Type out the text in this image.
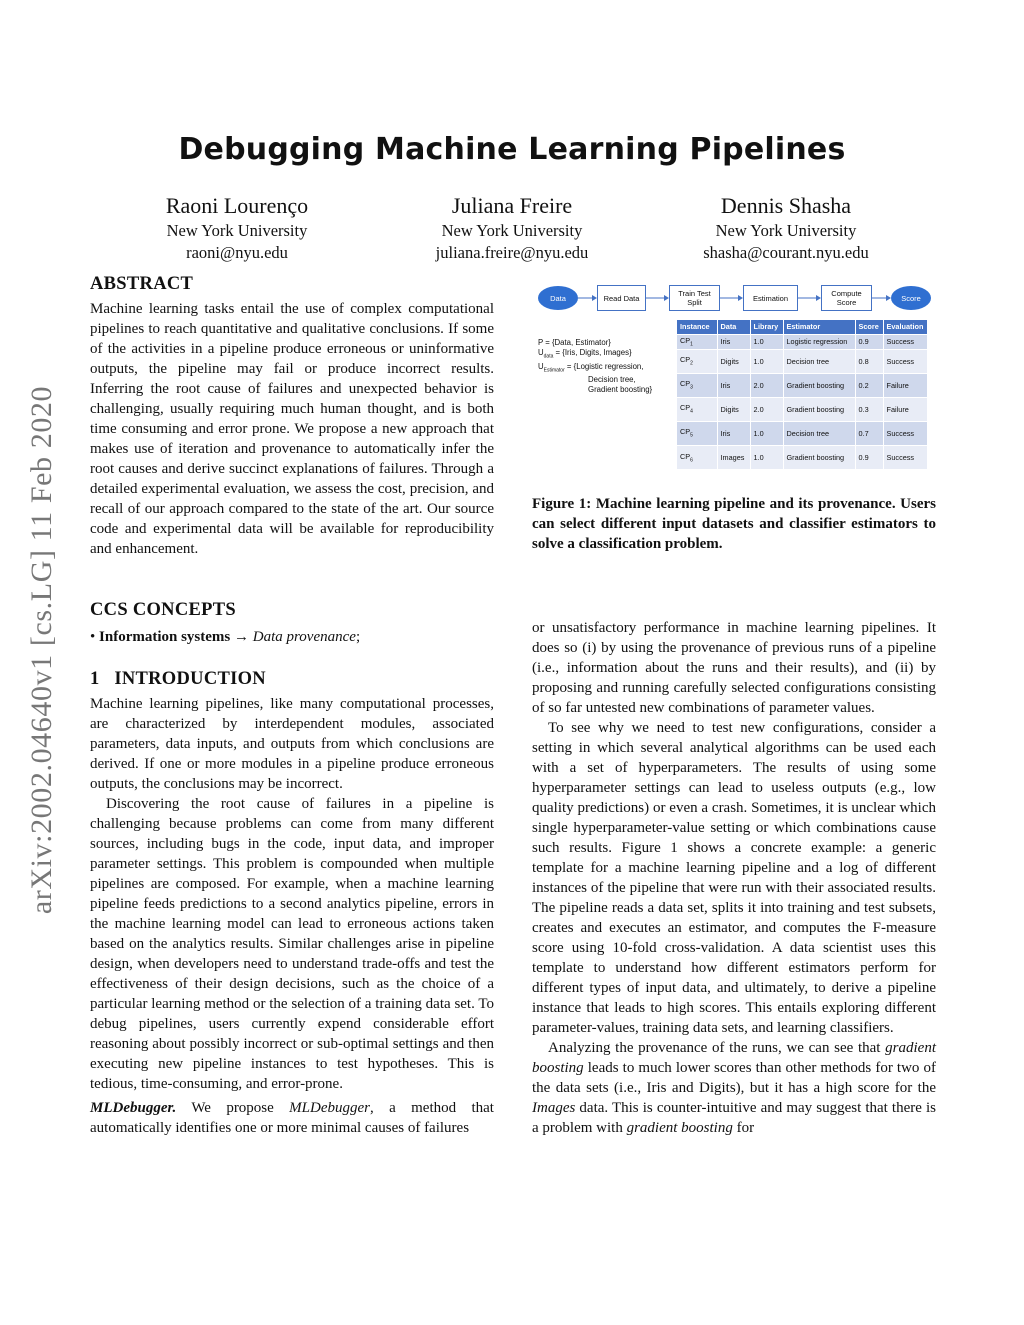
arXiv:2002.04640v1 [cs.LG] 11 Feb 2020
Debugging Machine Learning Pipelines
Raoni Lourenço
New York University
raoni@nyu.edu
Juliana Freire
New York University
juliana.freire@nyu.edu
Dennis Shasha
New York University
shasha@courant.nyu.edu
ABSTRACT

Machine learning tasks entail the use of complex computational pipelines to reach quantitative and qualitative conclusions. If some of the activities in a pipeline produce erroneous or uninformative outputs, the pipeline may fail or produce incorrect results. Inferring the root cause of failures and unexpected behavior is challenging, usually requiring much human thought, and is both time consuming and error prone. We propose a new approach that makes use of iteration and provenance to automatically infer the root causes and derive succinct explanations of failures. Through a detailed experimental evaluation, we assess the cost, precision, and recall of our approach compared to the state of the art. Our source code and experimental data will be available for reproducibility and enhancement.

CCS CONCEPTS
• Information systems → Data provenance;
1 INTRODUCTION

Machine learning pipelines, like many computational processes, are characterized by interdependent modules, associated parameters, data inputs, and outputs from which conclusions are derived. If one or more modules in a pipeline produce erroneous outputs, the conclusions may be incorrect.

Discovering the root cause of failures in a pipeline is challenging because problems can come from many different sources, including bugs in the code, input data, and improper parameter settings. This problem is compounded when multiple pipelines are composed. For example, when a machine learning pipeline feeds predictions to a second analytics pipeline, errors in the machine learning model can lead to erroneous actions taken based on the analytics results. Similar challenges arise in pipeline design, when developers need to understand trade-offs and test the effectiveness of their design decisions, such as the choice of a particular learning method or the selection of a training data set. To debug pipelines, users currently expend considerable effort reasoning about possibly incorrect or sub-optimal settings and then executing new pipeline instances to test hypotheses. This is tedious, time-consuming, and error-prone.

MLDebugger. We propose MLDebugger, a method that automatically identifies one or more minimal causes of failures

Data	Read Data	Train Test
Split	Estimation	Compute
Score	Score
P = {Data, Estimator}
$U_{data}$ = {Iris, Digits, Images}
$U_{Estimator}$ = {Logistic regression,
Decision tree,
Gradient boosting}
Instance	Data	Library	Estimator	Score	Evaluation
$CP_1$	Iris	1.0	Logistic regression	0.9	Success
$CP_2$	Digits	1.0	Decision tree	0.8	Success
$CP_3$	Iris	2.0	Gradient boosting	0.2	Failure
$CP_4$	Digits	2.0	Gradient boosting	0.3	Failure
$CP_5$	Iris	1.0	Decision tree	0.7	Success
$CP_6$	Images	1.0	Gradient boosting	0.9	Success
Figure 1: Machine learning pipeline and its provenance. Users can select different input datasets and classifier estimators to solve a classification problem.

or unsatisfactory performance in machine learning pipelines. It does so (i) by using the provenance of previous runs of a pipeline (i.e., information about the runs and their results), and (ii) by proposing and running carefully selected configurations consisting of so far untested new combinations of parameter values.

To see why we need to test new configurations, consider a setting in which several analytical algorithms can be used each with a set of hyperparameters. The results of using some hyperparameter settings can lead to useless outputs (e.g., low quality predictions) or even a crash. Sometimes, it is unclear which single hyperparameter-value setting or which combinations cause such results. Figure 1 shows a concrete example: a generic template for a machine learning pipeline and a log of different instances of the pipeline that were run with their associated results. The pipeline reads a data set, splits it into training and test subsets, creates and executes an estimator, and computes the F-measure score using 10-fold cross-validation. A data scientist uses this template to understand how different estimators perform for different types of input data, and ultimately, to derive a pipeline instance that leads to high scores. This entails exploring different parameter-values, training data sets, and learning classifiers.

Analyzing the provenance of the runs, we can see that gradient boosting leads to much lower scores than other methods for two of the data sets (i.e., Iris and Digits), but it has a high score for the Images data. This is counter-intuitive and may suggest that there is a problem with gradient boosting for
